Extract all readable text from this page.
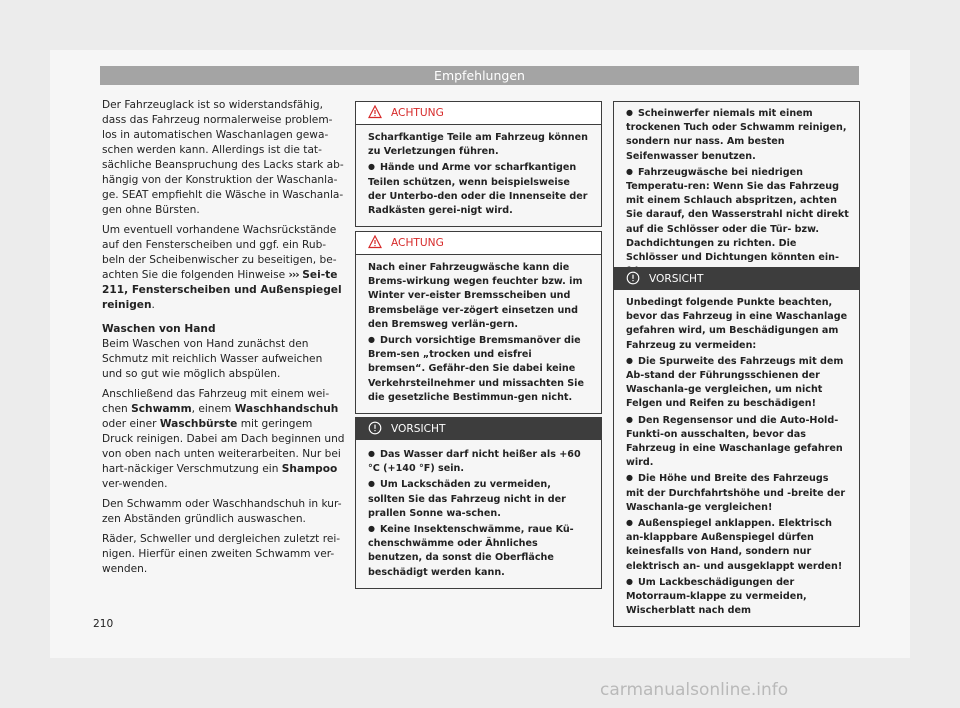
Empfehlungen

Der Fahrzeuglack ist so widerstandsfähig, dass das Fahrzeug normalerweise problem-los in automatischen Waschanlagen gewa-schen werden kann. Allerdings ist die tat-sächliche Beanspruchung des Lacks stark ab-hängig von der Konstruktion der Waschanla-ge. SEAT empfiehlt die Wäsche in Waschanla-gen ohne Bürsten.

Um eventuell vorhandene Wachsrückstände auf den Fensterscheiben und ggf. ein Rub-beln der Scheibenwischer zu beseitigen, be-achten Sie die folgenden Hinweise ››› Sei-te 211, Fensterscheiben und Außenspiegel reinigen.

Waschen von Hand

Beim Waschen von Hand zunächst den Schmutz mit reichlich Wasser aufweichen und so gut wie möglich abspülen.

Anschließend das Fahrzeug mit einem wei-chen Schwamm, einem Waschhandschuh oder einer Waschbürste mit geringem Druck reinigen. Dabei am Dach beginnen und von oben nach unten weiterarbeiten. Nur bei hart-näckiger Verschmutzung ein Shampoo ver-wenden.

Den Schwamm oder Waschhandschuh in kur-zen Abständen gründlich auswaschen.

Räder, Schweller und dergleichen zuletzt rei-nigen. Hierfür einen zweiten Schwamm ver-wenden.

ACHTUNG

Scharfkantige Teile am Fahrzeug können zu Verletzungen führen.

● Hände und Arme vor scharfkantigen Teilen schützen, wenn beispielsweise der Unterbo-den oder die Innenseite der Radkästen gerei-nigt wird.

ACHTUNG

Nach einer Fahrzeugwäsche kann die Brems-wirkung wegen feuchter bzw. im Winter ver-eister Bremsscheiben und Bremsbeläge ver-zögert einsetzen und den Bremsweg verlän-gern.

● Durch vorsichtige Bremsmanöver die Brem-sen „trocken und eisfrei bremsen“. Gefähr-den Sie dabei keine Verkehrsteilnehmer und missachten Sie die gesetzliche Bestimmun-gen nicht.

VORSICHT

● Das Wasser darf nicht heißer als +60 °C (+140 °F) sein.

● Um Lackschäden zu vermeiden, sollten Sie das Fahrzeug nicht in der prallen Sonne wa-schen.

● Keine Insektenschwämme, raue Kü-chenschwämme oder Ähnliches benutzen, da sonst die Oberfläche beschädigt werden kann.

● Scheinwerfer niemals mit einem trockenen Tuch oder Schwamm reinigen, sondern nur nass. Am besten Seifenwasser benutzen.

● Fahrzeugwäsche bei niedrigen Temperatu-ren: Wenn Sie das Fahrzeug mit einem Schlauch abspritzen, achten Sie darauf, den Wasserstrahl nicht direkt auf die Schlösser oder die Tür- bzw. Dachdichtungen zu richten. Die Schlösser und Dichtungen könnten ein-

VORSICHT

Unbedingt folgende Punkte beachten, bevor das Fahrzeug in eine Waschanlage gefahren wird, um Beschädigungen am Fahrzeug zu vermeiden:

● Die Spurweite des Fahrzeugs mit dem Ab-stand der Führungsschienen der Waschanla-ge vergleichen, um nicht Felgen und Reifen zu beschädigen!

● Den Regensensor und die Auto-Hold-Funkti-on ausschalten, bevor das Fahrzeug in eine Waschanlage gefahren wird.

● Die Höhe und Breite des Fahrzeugs mit der Durchfahrtshöhe und -breite der Waschanla-ge vergleichen!

● Außenspiegel anklappen. Elektrisch an-klappbare Außenspiegel dürfen keinesfalls von Hand, sondern nur elektrisch an- und ausgeklappt werden!

● Um Lackbeschädigungen der Motorraum-klappe zu vermeiden, Wischerblatt nach dem

210
carmanualsonline.info
